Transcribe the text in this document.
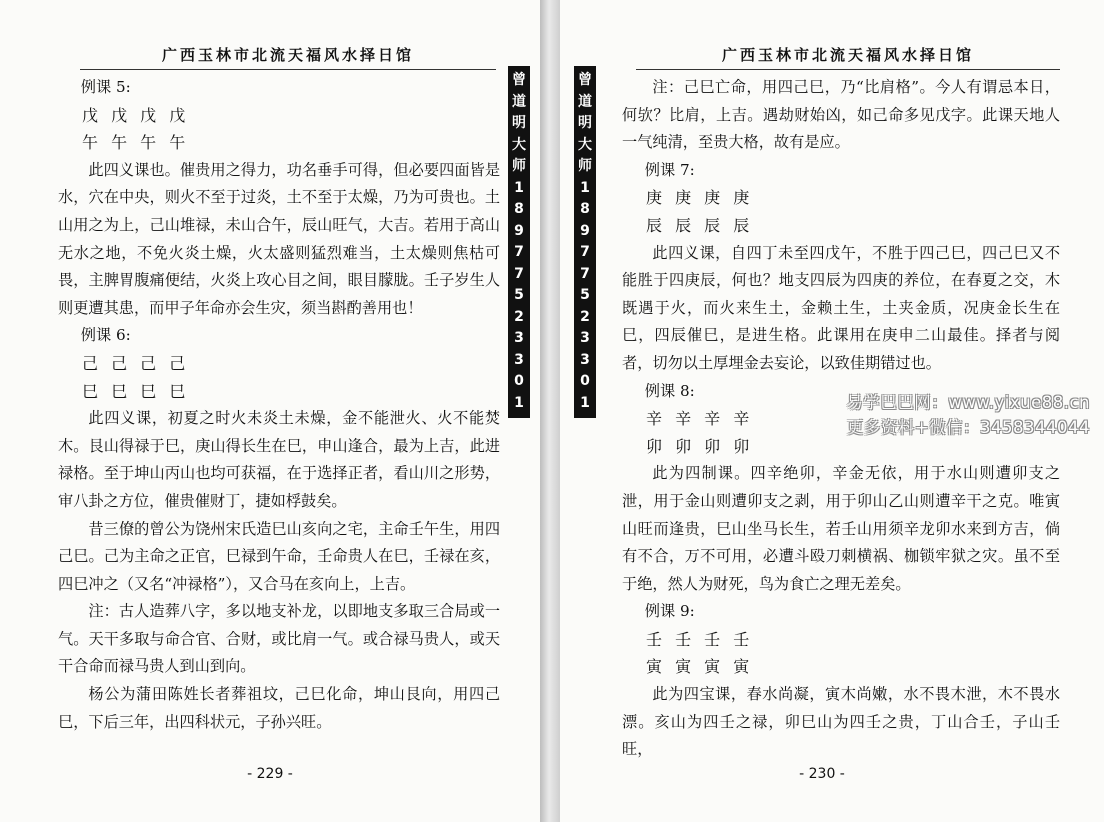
广西玉林市北流天福风水择日馆

例课 5:

戊 戊 戊 戊

午 午 午 午

此四义课也。催贵用之得力，功名垂手可得，但必要四面皆是水，穴在中央，则火不至于过炎，土不至于太燥，乃为可贵也。土山用之为上，己山堆禄，未山合午，辰山旺气，大吉。若用于高山无水之地，不免火炎土燥，火太盛则猛烈难当，土太燥则焦枯可畏，主脾胃腹痛便结，火炎上攻心目之间，眼目朦胧。壬子岁生人则更遭其患，而甲子年命亦会生灾，须当斟酌善用也！

例课 6:

己 己 己 己

巳 巳 巳 巳

此四义课，初夏之时火未炎土未燥，金不能泄火、火不能焚木。艮山得禄于巳，庚山得长生在巳，申山逢合，最为上吉，此进禄格。至于坤山丙山也均可获福，在于选择正者，看山川之形势，审八卦之方位，催贵催财丁，捷如桴鼓矣。

昔三僚的曾公为饶州宋氏造巳山亥向之宅，主命壬午生，用四己巳。己为主命之正官，巳禄到午命，壬命贵人在巳，壬禄在亥，四巳冲之（又名“冲禄格”），又合马在亥向上，上吉。

注：古人造葬八字，多以地支补龙，以即地支多取三合局或一气。天干多取与命合官、合财，或比肩一气。或合禄马贵人，或天干合命而禄马贵人到山到向。

杨公为蒲田陈姓长者葬祖坟，己巳化命，坤山艮向，用四己巳，下后三年，出四科状元，子孙兴旺。

- 229 -
广西玉林市北流天福风水择日馆

注：己巳亡命，用四己巳，乃“比肩格”。今人有谓忌本日，何欤？比肩，上吉。遇劫财始凶，如己命多见戊字。此课天地人一气纯清，至贵大格，故有是应。

例课 7:

庚 庚 庚 庚

辰 辰 辰 辰

此四义课，自四丁未至四戊午，不胜于四己巳，四己巳又不能胜于四庚辰，何也？地支四辰为四庚的养位，在春夏之交，木既遇于火，而火来生土，金赖土生，土夹金质，况庚金长生在巳，四辰催巳，是进生格。此课用在庚申二山最佳。择者与阅者，切勿以土厚埋金去妄论，以致佳期错过也。

例课 8:

辛 辛 辛 辛

卯 卯 卯 卯

此为四制课。四辛绝卯，辛金无依，用于水山则遭卯支之泄，用于金山则遭卯支之剥，用于卯山乙山则遭辛干之克。唯寅山旺而逢贵，巳山坐马长生，若壬山用须辛龙卯水来到方吉，倘有不合，万不可用，必遭斗殴刀刺横祸、枷锁牢狱之灾。虽不至于绝，然人为财死，鸟为食亡之理无差矣。

例课 9:

壬 壬 壬 壬

寅 寅 寅 寅

此为四宝课，春水尚凝，寅木尚嫩，水不畏木泄，木不畏水漂。亥山为四壬之禄，卯巳山为四壬之贵，丁山合壬，子山壬旺，

- 230 -
曾
道
明
大
师
1
8
9
7
7
5
2
3
3
0
1
曾
道
明
大
师
1
8
9
7
7
5
2
3
3
0
1	易学巴巴网：www.yixue88.cn
更多资料+微信：3458344044
